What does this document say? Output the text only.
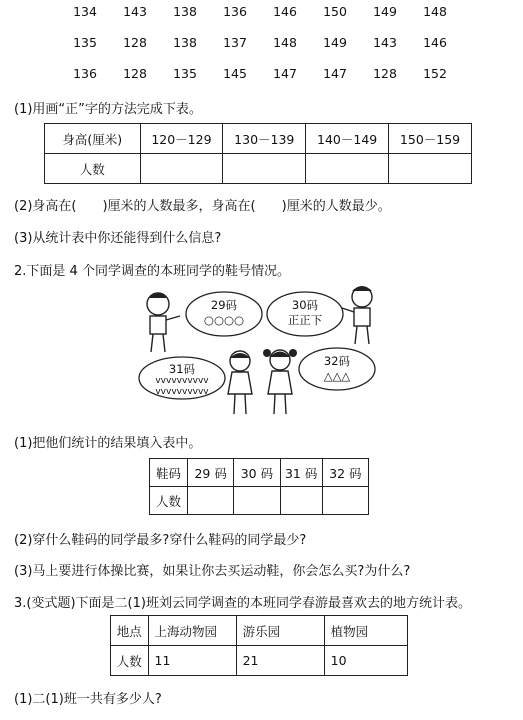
134	143	138	136	146	150	149	148
135	128	138	137	148	149	143	146
136	128	135	145	147	147	128	152
(1)用画“正”字的方法完成下表。
身高(厘米)	120－129	130－139	140－149	150－159
人数				
(2)身高在(　　)厘米的人数最多，身高在(　　)厘米的人数最少。
(3)从统计表中你还能得到什么信息?
2.下面是 4 个同学调查的本班同学的鞋号情况。
29码
○○○○
30码
正正下
31码
vvvvvvvvvv vvvvvvvvvv
32码
△△△
(1)把他们统计的结果填入表中。
鞋码	29 码	30 码	31 码	32 码
人数				
(2)穿什么鞋码的同学最多?穿什么鞋码的同学最少?
(3)马上要进行体操比赛，如果让你去买运动鞋，你会怎么买?为什么?
3.(变式题)下面是二(1)班刘云同学调查的本班同学春游最喜欢去的地方统计表。
地点	上海动物园	游乐园	植物园
人数	11	21	10
(1)二(1)班一共有多少人?
